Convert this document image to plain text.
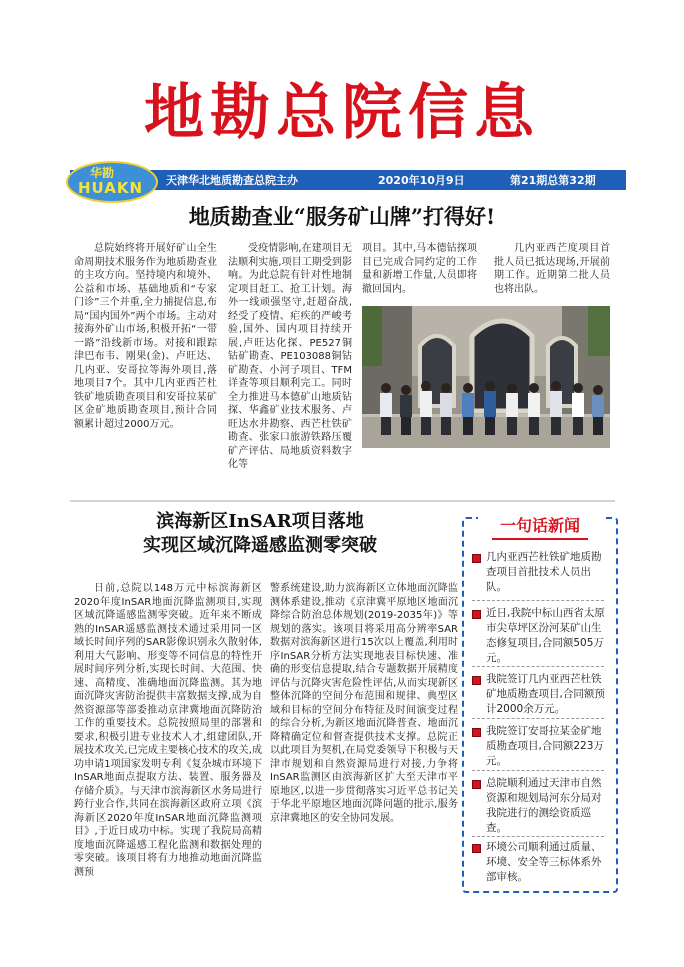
地勘总院信息
天津华北地质勘查总院主办	2020年10月9日	第21期总第32期
华勘
HUAKN
地质勘查业“服务矿山牌”打得好!
总院始终将开展好矿山全生命周期技术服务作为地质勘查业的主攻方向。坚持境内和境外、公益和市场、基础地质和“专家门诊”三个并重,全力捕捉信息,布局“国内国外”两个市场。主动对接海外矿山市场,积极开拓“一带一路”沿线新市场。对接和跟踪津巴布韦、刚果(金)、卢旺达、几内亚、安哥拉等海外项目,落地项目7个。其中几内亚西芒杜铁矿地质勘查项目和安哥拉某矿区金矿地质勘查项目,预计合同额累计超过2000万元。
受疫情影响,在建项目无法顺利实施,项目工期受到影响。为此总院有针对性地制定项目赶工、抢工计划。海外一线顽强坚守,赶超奋战,经受了疫情、疟疾的严峻考验,国外、国内项目持续开展,卢旺达化探、PE527铜钴矿勘查、PE103088铜钴矿勘查、小河子项目、TFM详查等项目顺利完工。同时全力推进马本德矿山地质钻探、华鑫矿业技术服务、卢旺达水井勘察、西芒杜铁矿勘查、张家口旅游铁路压覆矿产评估、局地质资料数字化等
项目。其中,马本德钻探项目已完成合同约定的工作量和新增工作量,人员即将撤回国内。
几内亚西芒度项目首批人员已抵达现场,开展前期工作。近期第二批人员也将出队。
滨海新区InSAR项目落地
实现区域沉降遥感监测零突破
日前,总院以148万元中标滨海新区2020年度InSAR地面沉降监测项目,实现区域沉降遥感监测零突破。近年来不断成熟的InSAR遥感监测技术通过采用同一区域长时间序列的SAR影像识别永久散射体,利用大气影响、形变等不同信息的特性开展时间序列分析,实现长时间、大范围、快速、高精度、准确地面沉降监测。其为地面沉降灾害防治提供丰富数据支撑,成为自然资源部等部委推动京津冀地面沉降防治工作的重要技术。总院按照局里的部署和要求,积极引进专业技术人才,组建团队,开展技术攻关,已完成主要核心技术的攻关,成功申请1项国家发明专利《复杂城市环境下InSAR地面点提取方法、装置、服务器及存储介质》。与天津市滨海新区水务局进行跨行业合作,共同在滨海新区政府立项《滨海新区2020年度InSAR地面沉降监测项目》,于近日成功中标。实现了我院局高精度地面沉降遥感工程化监测和数据处理的零突破。该项目将有力地推动地面沉降监测预
警系统建设,助力滨海新区立体地面沉降监测体系建设,推动《京津冀平原地区地面沉降综合防治总体规划(2019-2035年)》等规划的落实。该项目将采用高分辨率SAR数据对滨海新区进行15次以上覆盖,利用时序InSAR分析方法实现地表目标快速、准确的形变信息提取,结合专题数据开展精度评估与沉降灾害危险性评估,从而实现新区整体沉降的空间分布范围和规律、典型区域和目标的空间分布特征及时间演变过程的综合分析,为新区地面沉降普查、地面沉降精确定位和督查提供技术支撑。总院正以此项目为契机,在局党委领导下积极与天津市规划和自然资源局进行对接,力争将InSAR监测区由滨海新区扩大至天津市平原地区,以进一步贯彻落实习近平总书记关于华北平原地区地面沉降问题的批示,服务京津冀地区的安全协同发展。
一句话新闻
几内亚西芒杜铁矿地质勘查项目首批技术人员出队。
近日,我院中标山西省太原市尖草坪区汾河某矿山生态修复项目,合同额505万元。
我院签订几内亚西芒杜铁矿地质勘查项目,合同额预计2000余万元。
我院签订安哥拉某金矿地质勘查项目,合同额223万元。
总院顺利通过天津市自然资源和规划局河东分局对我院进行的测绘资质巡查。
环境公司顺利通过质量、环境、安全等三标体系外部审核。
